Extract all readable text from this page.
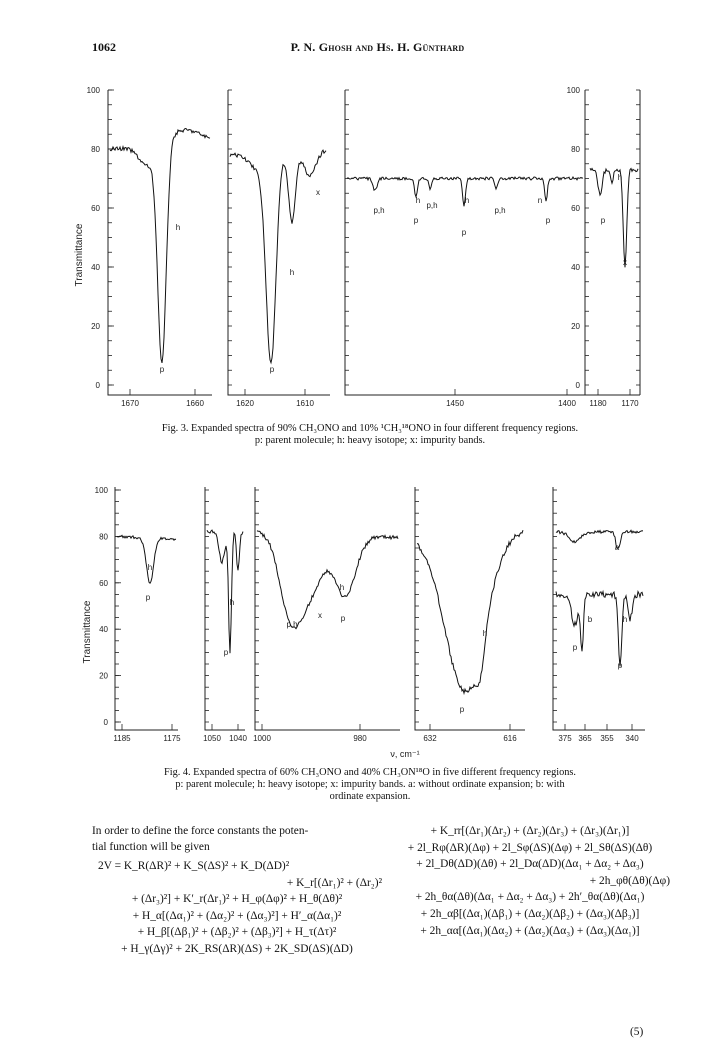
1062	P. N. Ghosh and Hs. H. Günthard
100
80
60
40
20
0
100
80
60
40
20
0
Transmittance
1670	1660	1620	1610	1450	1400 1180 1170
h
p	p
h
x
p,h
h
p,h
h
p,h
n
p
p
p
h
p
x
Fig. 3. Expanded spectra of 90% CH₃ONO and 10% ¹CH₃¹⁸ONO in four different frequency regions.
p: parent molecule; h: heavy isotope; x: impurity bands.
100
80
60
40
20
0
Transmittance
1185	1175	1050 1040 1000	980	632	616	375 365 355 340
ν, cm⁻¹
h
p
h
p
p,h
x p
h
h
p
a
b	h
p
p
Fig. 4. Expanded spectra of 60% CH₃ONO and 40% CH₃ON¹⁸O in five different frequency regions.
p: parent molecule; h: heavy isotope; x: impurity bands. a: without ordinate expansion; b: with
ordinate expansion.
In order to define the force constants the poten-
tial function will be given
2V = K_R(ΔR)² + K_S(ΔS)² + K_D(ΔD)²
+ K_r[(Δr₁)² + (Δr₂)²
+ (Δr₃)²] + K′_r(Δr₁)² + H_φ(Δφ)² + H_θ(Δθ)²
+ H_α[(Δα₁)² + (Δα₂)² + (Δα₃)²] + H′_α(Δα₁)²
+ H_β[(Δβ₁)² + (Δβ₂)² + (Δβ₃)²] + H_τ(Δτ)²
+ H_γ(Δγ)² + 2K_RS(ΔR)(ΔS) + 2K_SD(ΔS)(ΔD)
+ K_rr[(Δr₁)(Δr₂) + (Δr₂)(Δr₃) + (Δr₃)(Δr₁)]
+ 2l_Rφ(ΔR)(Δφ) + 2l_Sφ(ΔS)(Δφ) + 2l_Sθ(ΔS)(Δθ)
+ 2l_Dθ(ΔD)(Δθ) + 2l_Dα(ΔD)(Δα₁ + Δα₂ + Δα₃)
+ 2h_φθ(Δθ)(Δφ)
+ 2h_θα(Δθ)(Δα₁ + Δα₂ + Δα₃) + 2h′_θα(Δθ)(Δα₁)
+ 2h_αβ[(Δα₁)(Δβ₁) + (Δα₂)(Δβ₂) + (Δα₃)(Δβ₃)]
+ 2h_αα[(Δα₁)(Δα₂) + (Δα₂)(Δα₃) + (Δα₃)(Δα₁)]
(5)
